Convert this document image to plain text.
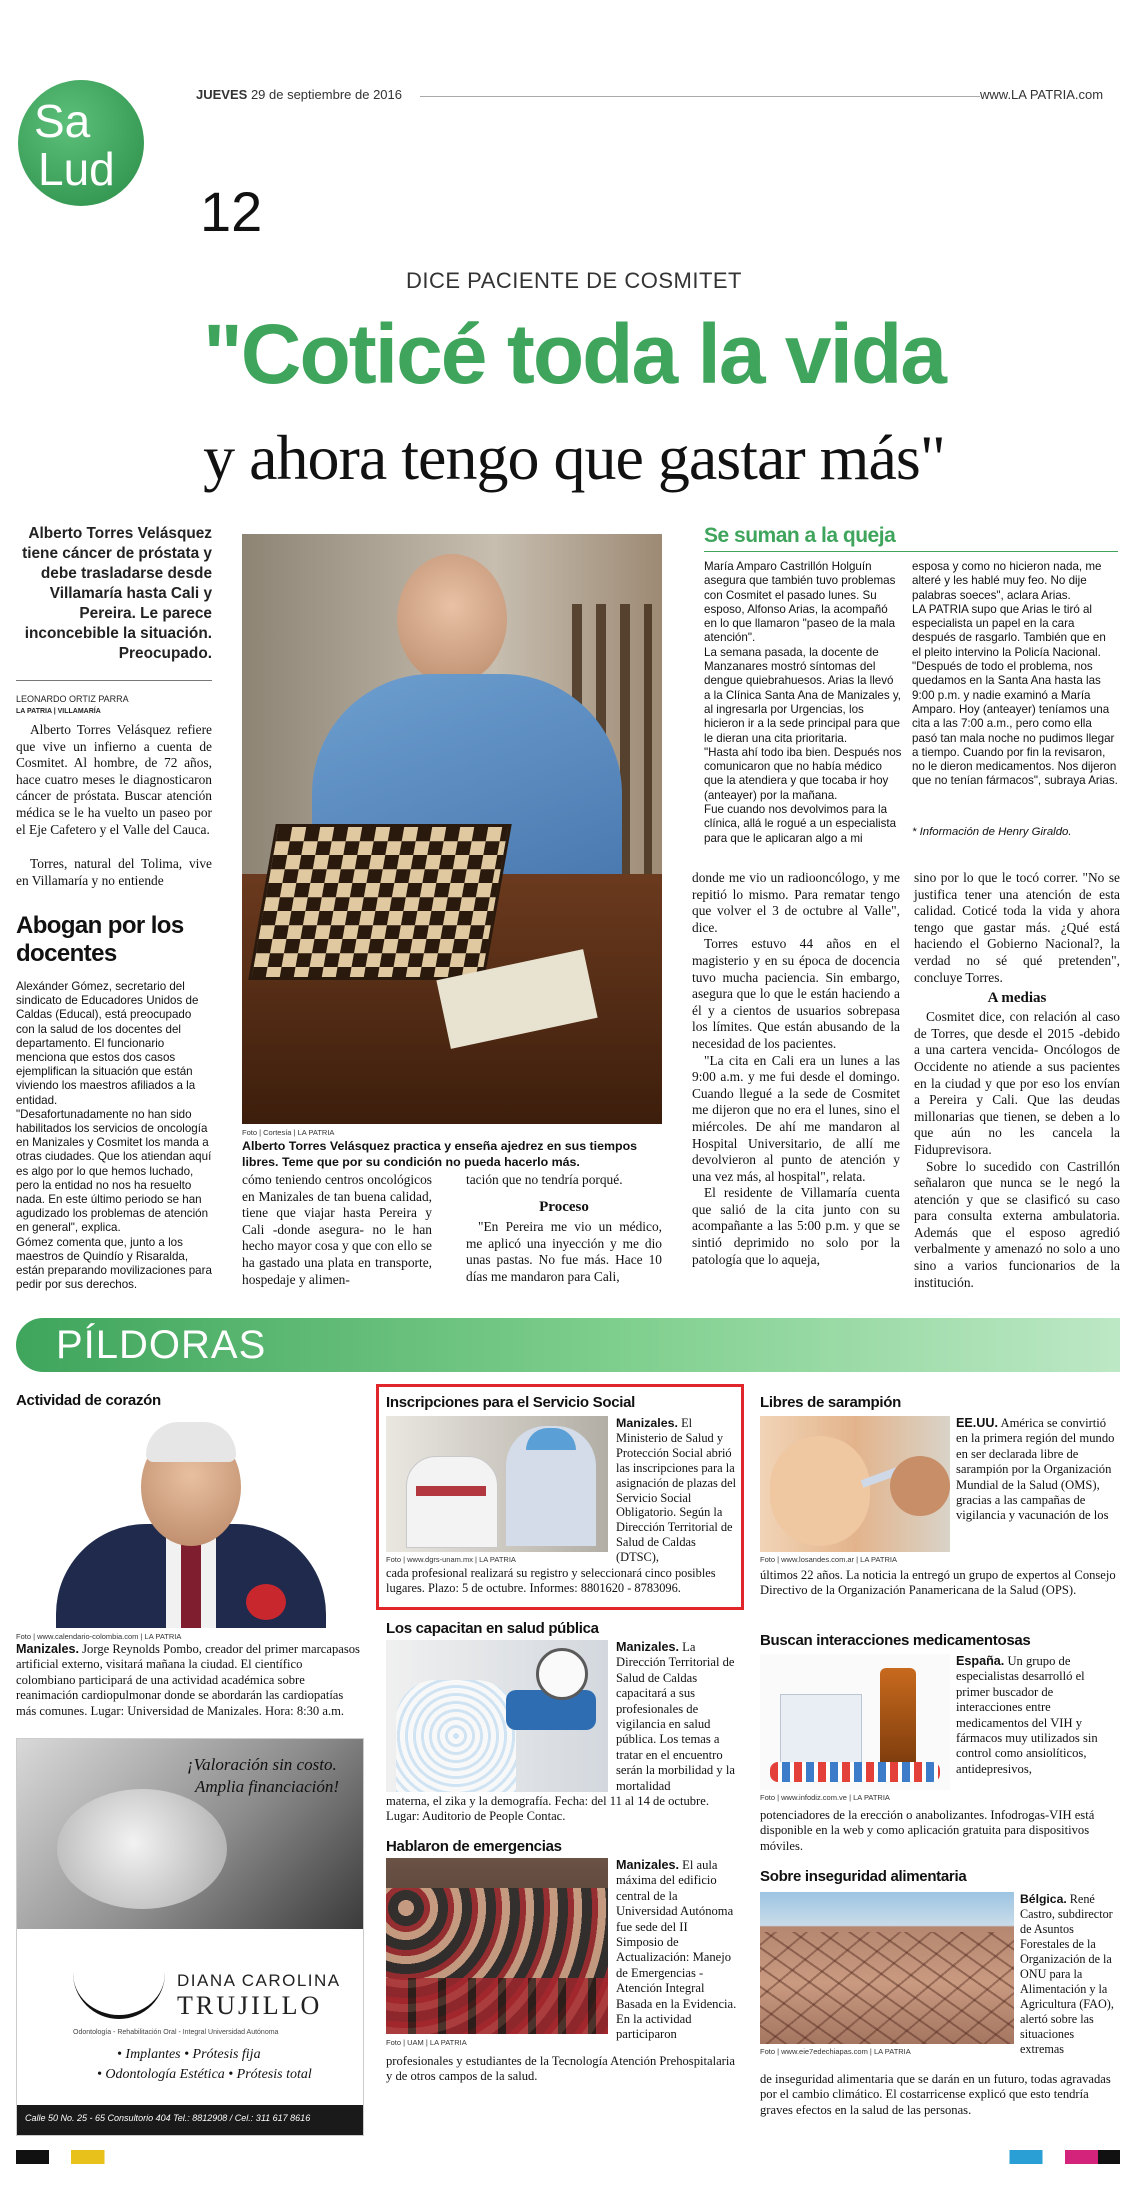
Sa
Lud
12
JUEVES 29 de septiembre de 2016	www.LA PATRIA.com
DICE PACIENTE DE COSMITET
"Coticé toda la vida
y ahora tengo que gastar más"
Alberto Torres Velásquez tiene cáncer de próstata y debe trasladarse desde Villamaría hasta Cali y Pereira. Le parece inconcebible la situación. Preocupado.
LEONARDO ORTIZ PARRA
LA PATRIA | VILLAMARÍA

Alberto Torres Velásquez refiere que vive un infierno a cuenta de Cosmitet. Al hombre, de 72 años, hace cuatro meses le diagnosticaron cáncer de próstata. Buscar atención médica se le ha vuelto un paseo por el Eje Cafetero y el Valle del Cauca.

Torres, natural del Tolima, vive en Villamaría y no entiende

Abogan por los docentes

Alexánder Gómez, secretario del sindicato de Educadores Unidos de Caldas (Educal), está preocupado con la salud de los docentes del departamento. El funcionario menciona que estos dos casos ejemplifican la situación que están viviendo los maestros afiliados a la entidad.

"Desafortunadamente no han sido habilitados los servicios de oncología en Manizales y Cosmitet los manda a otras ciudades. Que los atiendan aquí es algo por lo que hemos luchado, pero la entidad no nos ha resuelto nada. En este último periodo se han agudizado los problemas de atención en general", explica.

Gómez comenta que, junto a los maestros de Quindío y Risaralda, están preparando movilizaciones para pedir por sus derechos.

Foto | Cortesía | LA PATRIA
Alberto Torres Velásquez practica y enseña ajedrez en sus tiempos libres. Teme que por su condición no pueda hacerlo más.

cómo teniendo centros oncológicos en Manizales de tan buena calidad, tiene que viajar hasta Pereira y Cali -donde asegura- no le han hecho mayor cosa y que con ello se ha gastado una plata en transporte, hospedaje y alimen-

tación que no tendría porqué.

Proceso

"En Pereira me vio un médico, me aplicó una inyección y me dio unas pastas. No fue más. Hace 10 días me mandaron para Cali,

Se suman a la queja

María Amparo Castrillón Holguín asegura que también tuvo problemas con Cosmitet el pasado lunes. Su esposo, Alfonso Arias, la acompañó en lo que llamaron "paseo de la mala atención".
La semana pasada, la docente de Manzanares mostró síntomas del dengue quiebrahuesos. Arias la llevó a la Clínica Santa Ana de Manizales y, al ingresarla por Urgencias, los hicieron ir a la sede principal para que le dieran una cita prioritaria.
"Hasta ahí todo iba bien. Después nos comunicaron que no había médico que la atendiera y que tocaba ir hoy (anteayer) por la mañana.
Fue cuando nos devolvimos para la clínica, allá le rogué a un especialista para que le aplicaran algo a mi

esposa y como no hicieron nada, me alteré y les hablé muy feo. No dije palabras soeces", aclara Arias.
LA PATRIA supo que Arias le tiró al especialista un papel en la cara después de rasgarlo. También que en el pleito intervino la Policía Nacional.
"Después de todo el problema, nos quedamos en la Santa Ana hasta las 9:00 p.m. y nadie examinó a María Amparo. Hoy (anteayer) teníamos una cita a las 7:00 a.m., pero como ella pasó tan mala noche no pudimos llegar a tiempo. Cuando por fin la revisaron, no le dieron medicamentos. Nos dijeron que no tenían fármacos", subraya Arias.

* Información de Henry Giraldo.

donde me vio un radiooncólogo, y me repitió lo mismo. Para rematar tengo que volver el 3 de octubre al Valle", dice.

Torres estuvo 44 años en el magisterio y en su época de docencia tuvo mucha paciencia. Sin embargo, asegura que lo que le están haciendo a él y a cientos de usuarios sobrepasa los límites. Que están abusando de la necesidad de los pacientes.

"La cita en Cali era un lunes a las 9:00 a.m. y me fui desde el domingo. Cuando llegué a la sede de Cosmitet me dijeron que no era el lunes, sino el miércoles. De ahí me mandaron al Hospital Universitario, de allí me devolvieron al punto de atención y una vez más, al hospital", relata.

El residente de Villamaría cuenta que salió de la cita junto con su acompañante a las 5:00 p.m. y que se sintió deprimido no solo por la patología que lo aqueja,

sino por lo que le tocó correr. "No se justifica tener una atención de esta calidad. Coticé toda la vida y ahora tengo que gastar más. ¿Qué está haciendo el Gobierno Nacional?, la verdad no sé qué pretenden", concluye Torres.

A medias

Cosmitet dice, con relación al caso de Torres, que desde el 2015 -debido a una cartera vencida- Oncólogos de Occidente no atiende a sus pacientes en la ciudad y que por eso los envían a Pereira y Cali. Que las deudas millonarias que tienen, se deben a lo que aún no les cancela la Fiduprevisora.

Sobre lo sucedido con Castrillón señalaron que nunca se le negó la atención y que se clasificó su caso para consulta externa ambulatoria. Además que el esposo agredió verbalmente y amenazó no solo a uno sino a varios funcionarios de la institución.

PÍLDORAS
Actividad de corazón
Foto | www.calendario-colombia.com | LA PATRIA

Manizales. Jorge Reynolds Pombo, creador del primer marcapasos artificial externo, visitará mañana la ciudad. El científico colombiano participará de una actividad académica sobre reanimación cardiopulmonar donde se abordarán las cardiopatías más comunes. Lugar: Universidad de Manizales. Hora: 8:30 a.m.

¡Valoración sin costo.
Amplia financiación!
DIANA CAROLINA
TRUJILLO
Odontología - Rehabilitación Oral - Integral Universidad Autónoma
• Implantes • Prótesis fija
• Odontología Estética • Prótesis total
Calle 50 No. 25 - 65 Consultorio 404 Tel.: 8812908 / Cel.: 311 617 8616
Inscripciones para el Servicio Social
Foto | www.dgrs-unam.mx | LA PATRIA

Manizales. El Ministerio de Salud y Protección Social abrió las inscripciones para la asignación de plazas del Servicio Social Obligatorio. Según la Dirección Territorial de Salud de Caldas (DTSC),

cada profesional realizará su registro y seleccionará cinco posibles lugares. Plazo: 5 de octubre. Informes: 8801620 - 8783096.

Libres de sarampión
Foto | www.losandes.com.ar | LA PATRIA

EE.UU. América se convirtió en la primera región del mundo en ser declarada libre de sarampión por la Organización Mundial de la Salud (OMS), gracias a las campañas de vigilancia y vacunación de los

últimos 22 años. La noticia la entregó un grupo de expertos al Consejo Directivo de la Organización Panamericana de la Salud (OPS).

Los capacitan en salud pública

Manizales. La Dirección Territorial de Salud de Caldas capacitará a sus profesionales de vigilancia en salud pública. Los temas a tratar en el encuentro serán la morbilidad y la mortalidad

materna, el zika y la demografía. Fecha: del 11 al 14 de octubre. Lugar: Auditorio de People Contac.

Buscan interacciones medicamentosas
Foto | www.infodiz.com.ve | LA PATRIA

España. Un grupo de especialistas desarrolló el primer buscador de interacciones entre medicamentos del VIH y fármacos muy utilizados sin control como ansiolíticos, antidepresivos,

potenciadores de la erección o anabolizantes. Infodrogas-VIH está disponible en la web y como aplicación gratuita para dispositivos móviles.

Hablaron de emergencias
Foto | UAM | LA PATRIA

Manizales. El aula máxima del edificio central de la Universidad Autónoma fue sede del II Simposio de Actualización: Manejo de Emergencias - Atención Integral Basada en la Evidencia. En la actividad participaron

profesionales y estudiantes de la Tecnología Atención Prehospitalaria y de otros campos de la salud.

Sobre inseguridad alimentaria
Foto | www.eie7edechiapas.com | LA PATRIA

Bélgica. René Castro, subdirector de Asuntos Forestales de la Organización de la ONU para la Alimentación y la Agricultura (FAO), alertó sobre las situaciones extremas

de inseguridad alimentaria que se darán en un futuro, todas agravadas por el cambio climático. El costarricense explicó que esto tendría graves efectos en la salud de las personas.
